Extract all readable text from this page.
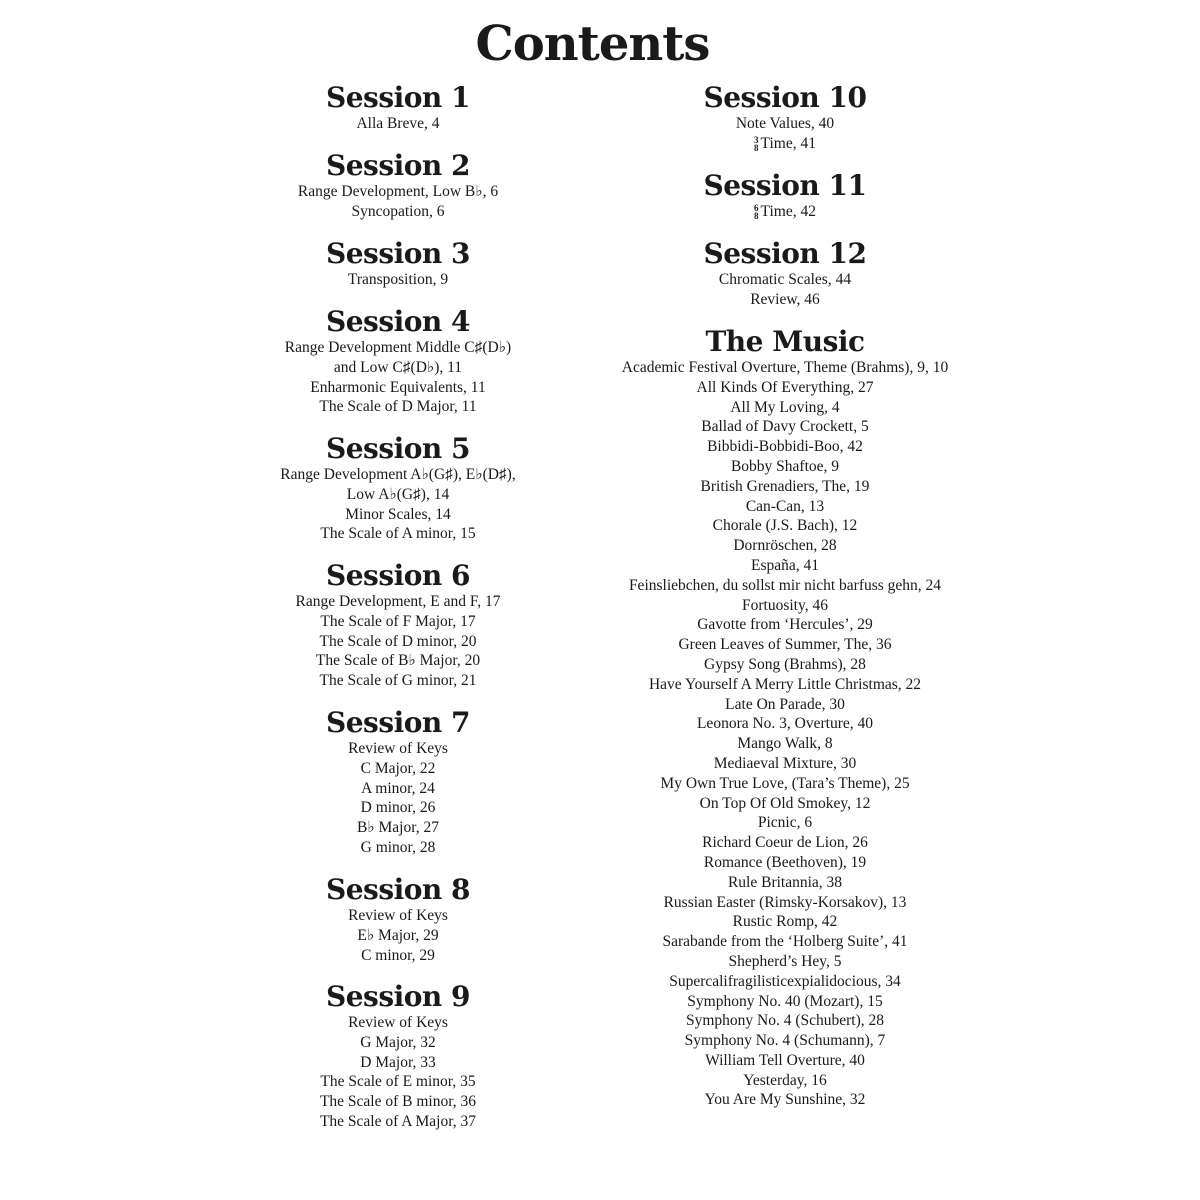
Contents
Session 1
Alla Breve, 4
Session 2
Range Development, Low B♭, 6
Syncopation, 6
Session 3
Transposition, 9
Session 4
Range Development Middle C♯(D♭)
and Low C♯(D♭), 11
Enharmonic Equivalents, 11
The Scale of D Major, 11
Session 5
Range Development A♭(G♯), E♭(D♯),
Low A♭(G♯), 14
Minor Scales, 14
The Scale of A minor, 15
Session 6
Range Development, E and F, 17
The Scale of F Major, 17
The Scale of D minor, 20
The Scale of B♭ Major, 20
The Scale of G minor, 21
Session 7
Review of Keys
C Major, 22
A minor, 24
D minor, 26
B♭ Major, 27
G minor, 28
Session 8
Review of Keys
E♭ Major, 29
C minor, 29
Session 9
Review of Keys
G Major, 32
D Major, 33
The Scale of E minor, 35
The Scale of B minor, 36
The Scale of A Major, 37
Session 10
Note Values, 40
3
8 Time, 41
Session 11
6
8 Time, 42
Session 12
Chromatic Scales, 44
Review, 46
The Music
Academic Festival Overture, Theme (Brahms), 9, 10
All Kinds Of Everything, 27
All My Loving, 4
Ballad of Davy Crockett, 5
Bibbidi-Bobbidi-Boo, 42
Bobby Shaftoe, 9
British Grenadiers, The, 19
Can-Can, 13
Chorale (J.S. Bach), 12
Dornröschen, 28
España, 41
Feinsliebchen, du sollst mir nicht barfuss gehn, 24
Fortuosity, 46
Gavotte from ‘Hercules’, 29
Green Leaves of Summer, The, 36
Gypsy Song (Brahms), 28
Have Yourself A Merry Little Christmas, 22
Late On Parade, 30
Leonora No. 3, Overture, 40
Mango Walk, 8
Mediaeval Mixture, 30
My Own True Love, (Tara’s Theme), 25
On Top Of Old Smokey, 12
Picnic, 6
Richard Coeur de Lion, 26
Romance (Beethoven), 19
Rule Britannia, 38
Russian Easter (Rimsky-Korsakov), 13
Rustic Romp, 42
Sarabande from the ‘Holberg Suite’, 41
Shepherd’s Hey, 5
Supercalifragilisticexpialidocious, 34
Symphony No. 40 (Mozart), 15
Symphony No. 4 (Schubert), 28
Symphony No. 4 (Schumann), 7
William Tell Overture, 40
Yesterday, 16
You Are My Sunshine, 32
